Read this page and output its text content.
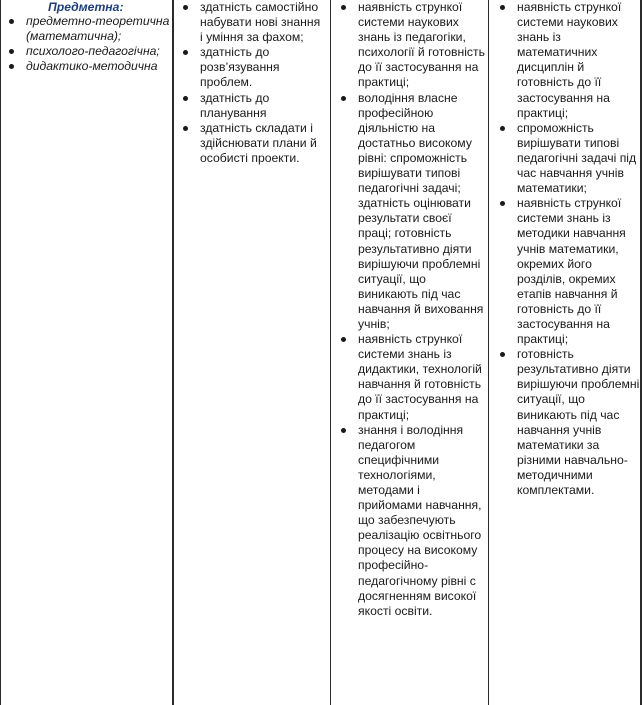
Предметна:
предметно-теоретична (математична);
психолого-педагогічна;
дидактико-методична
здатність самостійно набувати нові знання і уміння за фахом;
здатність до розв’язування проблем.
здатність до планування
здатність складати і здійснювати плани й особисті проекти.
наявність стрункої системи наукових знань із педагогіки, психології й готовність до її застосування на практиці;
володіння власне професійною діяльністю на достатньо високому рівні: спроможність вирішувати типові педагогічні задачі; здатність оцінювати результати своєї праці; готовність результативно діяти вирішуючи проблемні ситуації, що виникають під час навчання й виховання учнів;
наявність стрункої системи знань із дидактики, технологій навчання й готовність до її застосування на практиці;
знання і володіння педагогом специфічними технологіями, методами і прийомами навчання, що забезпечують реалізацію освітнього процесу на високому професійно-педагогічному рівні с досягненням високої якості освіти.
наявність стрункої системи наукових знань із математичних дисциплін й готовність до її застосування на практиці;
спроможність вирішувати типові педагогічні задачі під час навчання учнів математики;
наявність стрункої системи знань із методики навчання учнів математики, окремих його розділів, окремих етапів навчання й готовність до її застосування на практиці;
готовність результативно діяти вирішуючи проблемні ситуації, що виникають під час навчання учнів математики за різними навчально-методичними комплектами.
